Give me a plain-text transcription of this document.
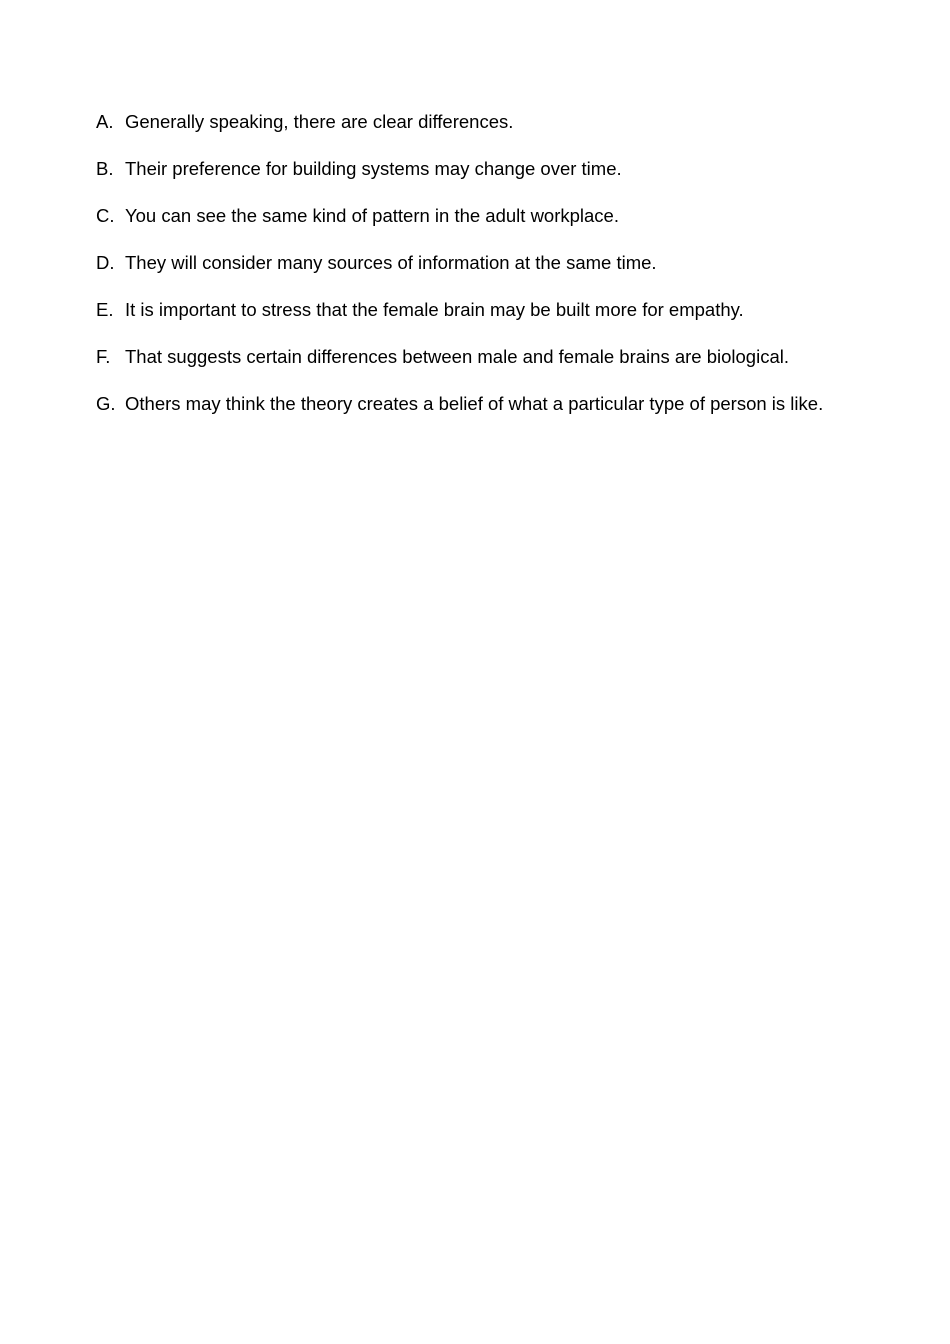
A. Generally speaking, there are clear differences.
B. Their preference for building systems may change over time.
C. You can see the same kind of pattern in the adult workplace.
D. They will consider many sources of information at the same time.
E. It is important to stress that the female brain may be built more for empathy.
F. That suggests certain differences between male and female brains are biological.
G. Others may think the theory creates a belief of what a particular type of person is like.
